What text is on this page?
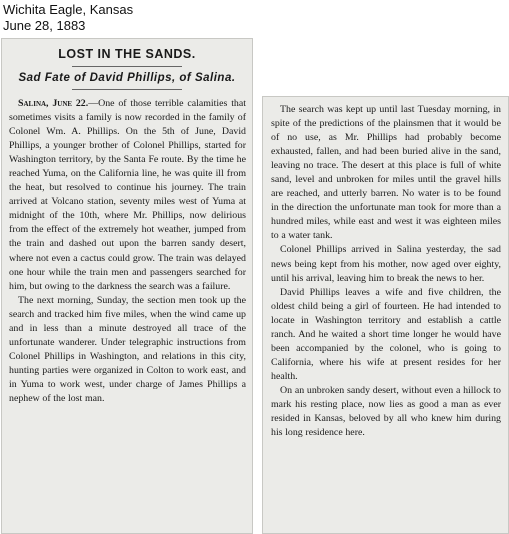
Wichita Eagle, Kansas
June 28, 1883
LOST IN THE SANDS.
Sad Fate of David Phillips, of Salina.

Salina, June 22.—One of those terrible calamities that sometimes visits a family is now recorded in the family of Colonel Wm. A. Phillips. On the 5th of June, David Phillips, a younger brother of Colonel Phillips, started for Washington territory, by the Santa Fe route. By the time he reached Yuma, on the California line, he was quite ill from the heat, but resolved to continue his journey. The train arrived at Volcano station, seventy miles west of Yuma at midnight of the 10th, where Mr. Phillips, now delirious from the effect of the extremely hot weather, jumped from the train and dashed out upon the barren sandy desert, where not even a cactus could grow. The train was delayed one hour while the train men and passengers searched for him, but owing to the darkness the search was a failure.

The next morning, Sunday, the section men took up the search and tracked him five miles, when the wind came up and in less than a minute destroyed all trace of the unfortunate wanderer. Under telegraphic instructions from Colonel Phillips in Washington, and relations in this city, hunting parties were organized in Colton to work east, and in Yuma to work west, under charge of James Phillips a nephew of the lost man.

The search was kept up until last Tuesday morning, in spite of the predictions of the plainsmen that it would be of no use, as Mr. Phillips had probably become exhausted, fallen, and had been buried alive in the sand, leaving no trace. The desert at this place is full of white sand, level and unbroken for miles until the gravel hills are reached, and utterly barren. No water is to be found in the direction the unfortunate man took for more than a hundred miles, while east and west it was eighteen miles to a water tank.

Colonel Phillips arrived in Salina yesterday, the sad news being kept from his mother, now aged over eighty, until his arrival, leaving him to break the news to her.

David Phillips leaves a wife and five children, the oldest child being a girl of fourteen. He had intended to locate in Washington territory and establish a cattle ranch. And he waited a short time longer he would have been accompanied by the colonel, who is going to California, where his wife at present resides for her health.

On an unbroken sandy desert, without even a hillock to mark his resting place, now lies as good a man as ever resided in Kansas, beloved by all who knew him during his long residence here.
